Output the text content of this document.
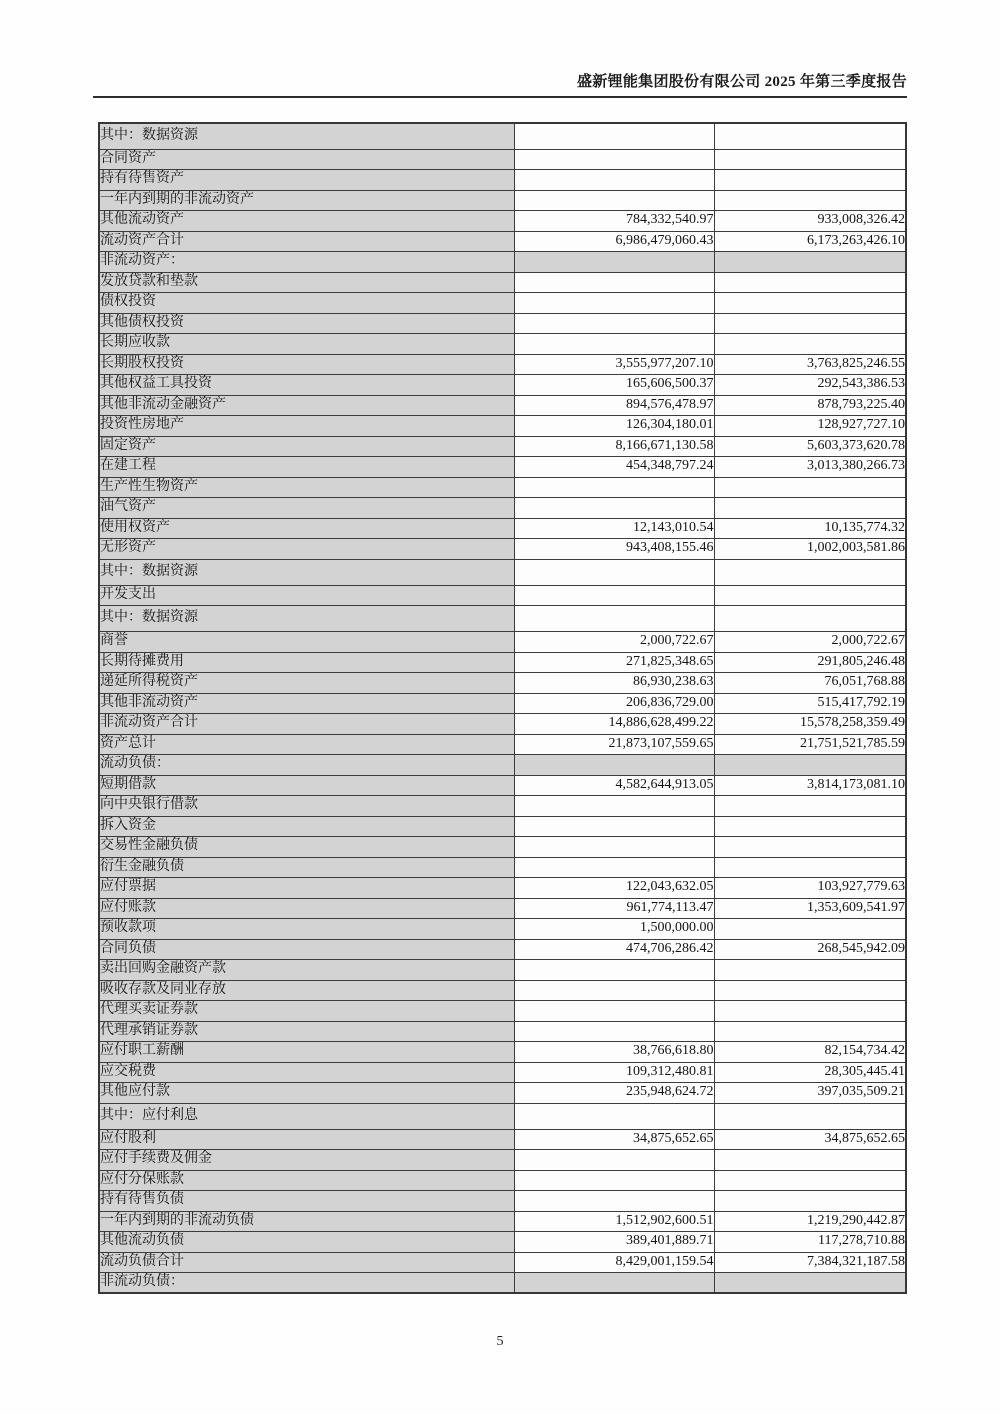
盛新锂能集团股份有限公司 2025 年第三季度报告
其中：数据资源		
合同资产		
持有待售资产		
一年内到期的非流动资产		
其他流动资产	784,332,540.97	933,008,326.42
流动资产合计	6,986,479,060.43	6,173,263,426.10
非流动资产：		
发放贷款和垫款		
债权投资		
其他债权投资		
长期应收款		
长期股权投资	3,555,977,207.10	3,763,825,246.55
其他权益工具投资	165,606,500.37	292,543,386.53
其他非流动金融资产	894,576,478.97	878,793,225.40
投资性房地产	126,304,180.01	128,927,727.10
固定资产	8,166,671,130.58	5,603,373,620.78
在建工程	454,348,797.24	3,013,380,266.73
生产性生物资产		
油气资产		
使用权资产	12,143,010.54	10,135,774.32
无形资产	943,408,155.46	1,002,003,581.86
其中：数据资源		
开发支出		
其中：数据资源		
商誉	2,000,722.67	2,000,722.67
长期待摊费用	271,825,348.65	291,805,246.48
递延所得税资产	86,930,238.63	76,051,768.88
其他非流动资产	206,836,729.00	515,417,792.19
非流动资产合计	14,886,628,499.22	15,578,258,359.49
资产总计	21,873,107,559.65	21,751,521,785.59
流动负债：		
短期借款	4,582,644,913.05	3,814,173,081.10
向中央银行借款		
拆入资金		
交易性金融负债		
衍生金融负债		
应付票据	122,043,632.05	103,927,779.63
应付账款	961,774,113.47	1,353,609,541.97
预收款项	1,500,000.00	
合同负债	474,706,286.42	268,545,942.09
卖出回购金融资产款		
吸收存款及同业存放		
代理买卖证券款		
代理承销证券款		
应付职工薪酬	38,766,618.80	82,154,734.42
应交税费	109,312,480.81	28,305,445.41
其他应付款	235,948,624.72	397,035,509.21
其中：应付利息		
应付股利	34,875,652.65	34,875,652.65
应付手续费及佣金		
应付分保账款		
持有待售负债		
一年内到期的非流动负债	1,512,902,600.51	1,219,290,442.87
其他流动负债	389,401,889.71	117,278,710.88
流动负债合计	8,429,001,159.54	7,384,321,187.58
非流动负债：		
5
